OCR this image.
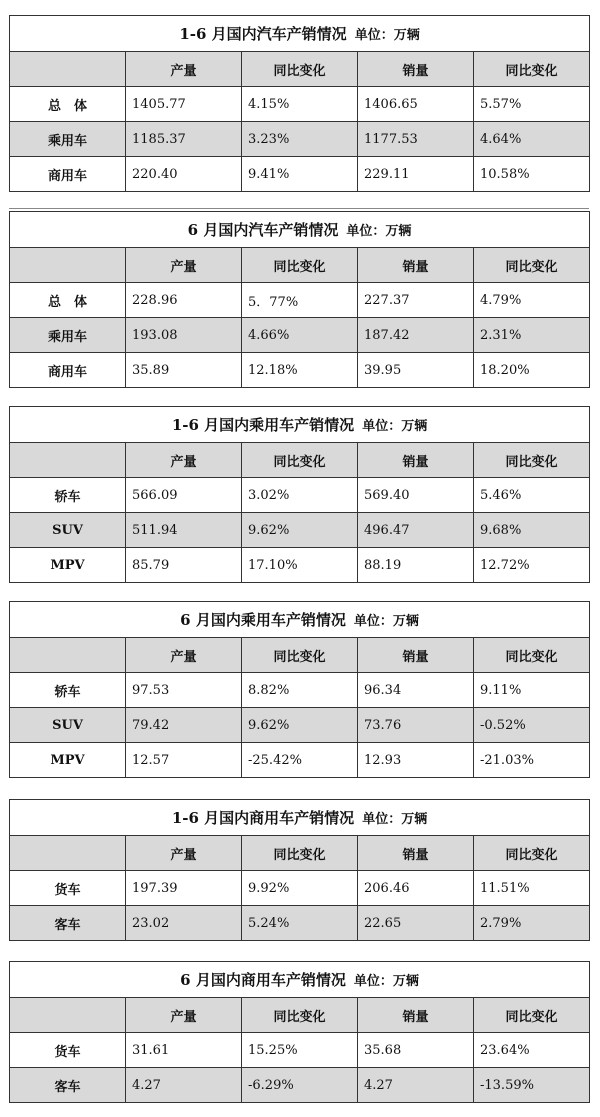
1-6 月国内汽车产销情况 单位：万辆				
	产量	同比变化	销量	同比变化
总　体	1405.77	4.15%	1406.65	5.57%
乘用车	1185.37	3.23%	1177.53	4.64%
商用车	220.40	9.41%	229.11	10.58%
6 月国内汽车产销情况 单位：万辆				
	产量	同比变化	销量	同比变化
总　体	228.96	5．77%	227.37	4.79%
乘用车	193.08	4.66%	187.42	2.31%
商用车	35.89	12.18%	39.95	18.20%
1-6 月国内乘用车产销情况 单位：万辆				
	产量	同比变化	销量	同比变化
轿车	566.09	3.02%	569.40	5.46%
SUV	511.94	9.62%	496.47	9.68%
MPV	85.79	17.10%	88.19	12.72%
6 月国内乘用车产销情况 单位：万辆				
	产量	同比变化	销量	同比变化
轿车	97.53	8.82%	96.34	9.11%
SUV	79.42	9.62%	73.76	-0.52%
MPV	12.57	-25.42%	12.93	-21.03%
1-6 月国内商用车产销情况 单位：万辆				
	产量	同比变化	销量	同比变化
货车	197.39	9.92%	206.46	11.51%
客车	23.02	5.24%	22.65	2.79%
6 月国内商用车产销情况 单位：万辆				
	产量	同比变化	销量	同比变化
货车	31.61	15.25%	35.68	23.64%
客车	4.27	-6.29%	4.27	-13.59%
